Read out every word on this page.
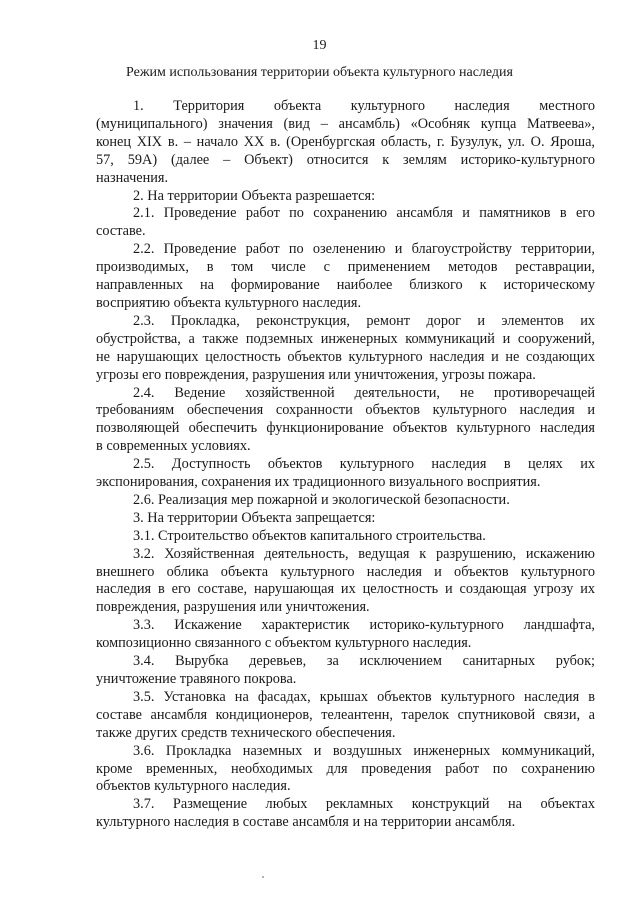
19
Режим использования территории объекта культурного наследия
1. Территория объекта культурного наследия местного
(муниципального) значения (вид – ансамбль) «Особняк купца Матвеева»,
конец XIX в. – начало XX в. (Оренбургская область, г. Бузулук, ул. О. Яроша,
57, 59А) (далее – Объект) относится к землям историко-культурного
назначения.
2. На территории Объекта разрешается:
2.1. Проведение работ по сохранению ансамбля и памятников в его
составе.
2.2. Проведение работ по озеленению и благоустройству территории,
производимых, в том числе с применением методов реставрации,
направленных на формирование наиболее близкого к историческому
восприятию объекта культурного наследия.
2.3. Прокладка, реконструкция, ремонт дорог и элементов их
обустройства, а также подземных инженерных коммуникаций и сооружений,
не нарушающих целостность объектов культурного наследия и не создающих
угрозы его повреждения, разрушения или уничтожения, угрозы пожара.
2.4. Ведение хозяйственной деятельности, не противоречащей
требованиям обеспечения сохранности объектов культурного наследия и
позволяющей обеспечить функционирование объектов культурного наследия
в современных условиях.
2.5. Доступность объектов культурного наследия в целях их
экспонирования, сохранения их традиционного визуального восприятия.
2.6. Реализация мер пожарной и экологической безопасности.
3. На территории Объекта запрещается:
3.1. Строительство объектов капитального строительства.
3.2. Хозяйственная деятельность, ведущая к разрушению, искажению
внешнего облика объекта культурного наследия и объектов культурного
наследия в его составе, нарушающая их целостность и создающая угрозу их
повреждения, разрушения или уничтожения.
3.3. Искажение характеристик историко-культурного ландшафта,
композиционно связанного с объектом культурного наследия.
3.4. Вырубка деревьев, за исключением санитарных рубок;
уничтожение травяного покрова.
3.5. Установка на фасадах, крышах объектов культурного наследия в
составе ансамбля кондиционеров, телеантенн, тарелок спутниковой связи, а
также других средств технического обеспечения.
3.6. Прокладка наземных и воздушных инженерных коммуникаций,
кроме временных, необходимых для проведения работ по сохранению
объектов культурного наследия.
3.7. Размещение любых рекламных конструкций на объектах
культурного наследия в составе ансамбля и на территории ансамбля.
